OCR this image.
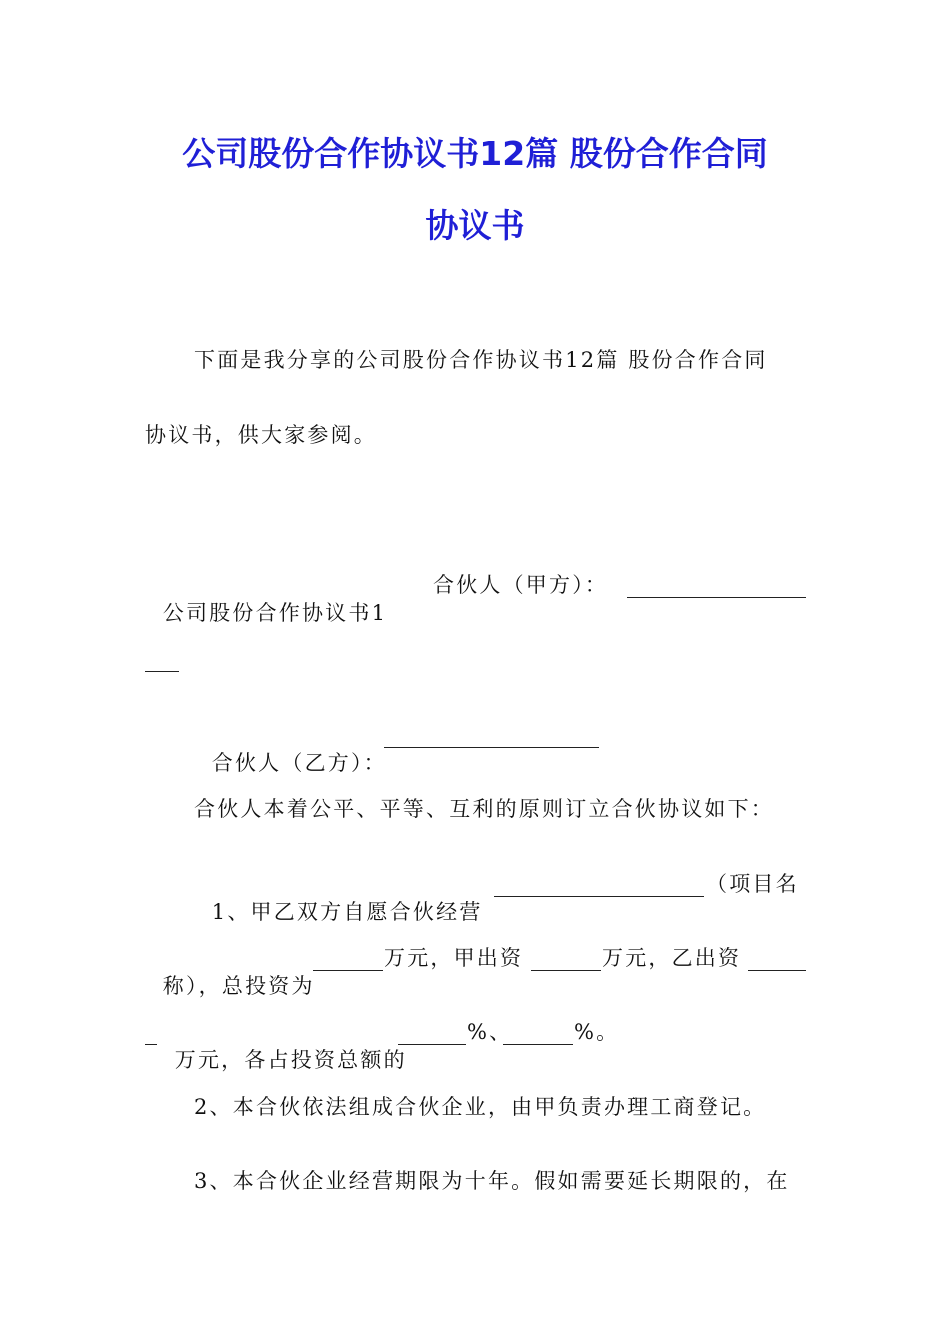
公司股份合作协议书12篇 股份合作合同
协议书
下面是我分享的公司股份合作协议书12篇 股份合作合同
协议书，供大家参阅。

公司股份合作协议书1

合伙人（甲方）：

合伙人（乙方）：

合伙人本着公平、平等、互利的原则订立合伙协议如下：

1、甲乙双方自愿合伙经营

（项目名

称），总投资为

万元，甲出资	万元，乙出资

万元，各占投资总额的

%、	%。
2、本合伙依法组成合伙企业，由甲负责办理工商登记。
3、本合伙企业经营期限为十年。假如需要延长期限的，在
